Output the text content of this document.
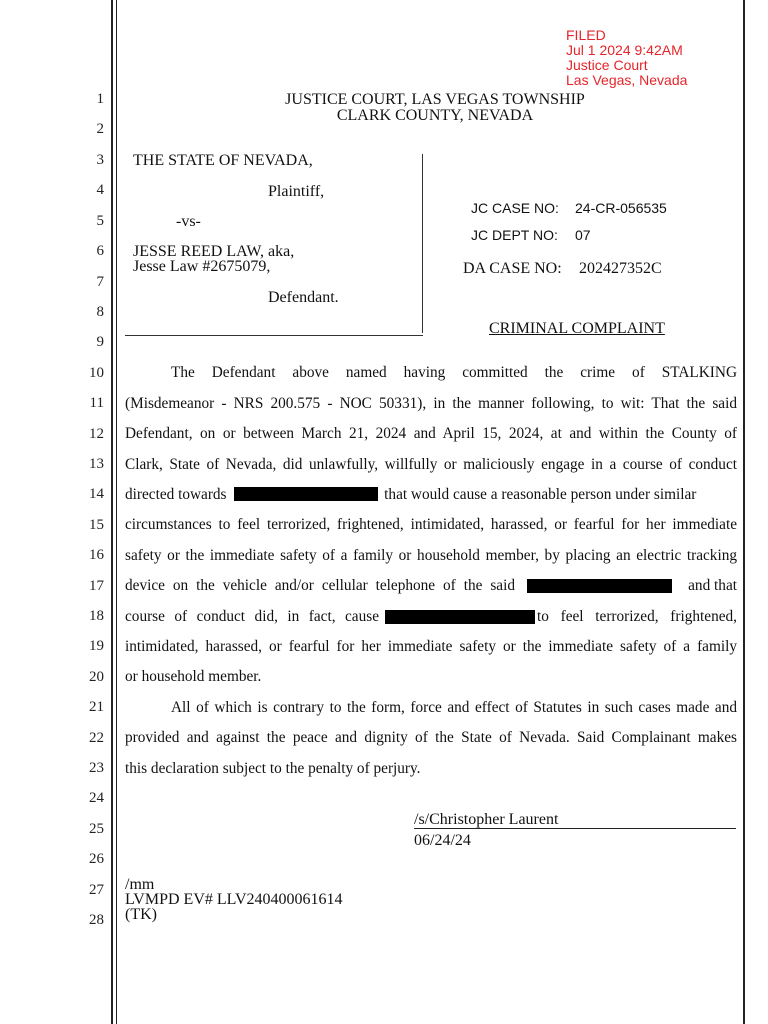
FILED
Jul 1 2024 9:42AM
Justice Court
Las Vegas, Nevada
1
2
3
4
5
6
7
8
9
10
11
12
13
14
15
16
17
18
19
20
21
22
23
24
25
26
27
28
JUSTICE COURT, LAS VEGAS TOWNSHIP
CLARK COUNTY, NEVADA
THE STATE OF NEVADA,
Plaintiff,
-vs-
JESSE REED LAW, aka,
Jesse Law #2675079,
Defendant.
JC CASE NO: 24-CR-056535
JC DEPT NO: 07
DA CASE NO: 202427352C
CRIMINAL COMPLAINT
The Defendant above named having committed the crime of STALKING
(Misdemeanor - NRS 200.575 - NOC 50331), in the manner following, to wit: That the said
Defendant, on or between March 21, 2024 and April 15, 2024, at and within the County of
Clark, State of Nevada, did unlawfully, willfully or maliciously engage in a course of conduct
directed towards	that would cause a reasonable person under similar
circumstances to feel terrorized, frightened, intimidated, harassed, or fearful for her immediate
safety or the immediate safety of a family or household member, by placing an electric tracking
device on the vehicle and/or cellular telephone of the said	and that
course of conduct did, in fact, cause	to feel terrorized, frightened,
intimidated, harassed, or fearful for her immediate safety or the immediate safety of a family
or household member.
All of which is contrary to the form, force and effect of Statutes in such cases made and
provided and against the peace and dignity of the State of Nevada. Said Complainant makes
this declaration subject to the penalty of perjury.
/s/Christopher Laurent
06/24/24
/mm
LVMPD EV# LLV240400061614
(TK)
